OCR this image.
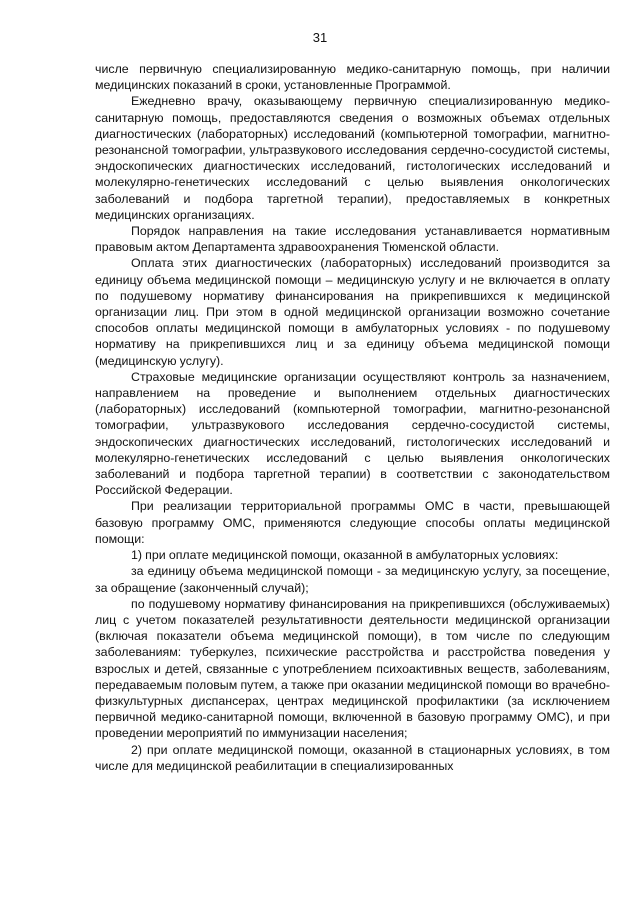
31

числе первичную специализированную медико-санитарную помощь, при наличии медицинских показаний в сроки, установленные Программой.

Ежедневно врачу, оказывающему первичную специализированную медико-санитарную помощь, предоставляются сведения о возможных объемах отдельных диагностических (лабораторных) исследований (компьютерной томографии, магнитно-резонансной томографии, ультразвукового исследования сердечно-сосудистой системы, эндоскопических диагностических исследований, гистологических исследований и молекулярно-генетических исследований с целью выявления онкологических заболеваний и подбора таргетной терапии), предоставляемых в конкретных медицинских организациях.

Порядок направления на такие исследования устанавливается нормативным правовым актом Департамента здравоохранения Тюменской области.

Оплата этих диагностических (лабораторных) исследований производится за единицу объема медицинской помощи – медицинскую услугу и не включается в оплату по подушевому нормативу финансирования на прикрепившихся к медицинской организации лиц. При этом в одной медицинской организации возможно сочетание способов оплаты медицинской помощи в амбулаторных условиях - по подушевому нормативу на прикрепившихся лиц и за единицу объема медицинской помощи (медицинскую услугу).

Страховые медицинские организации осуществляют контроль за назначением, направлением на проведение и выполнением отдельных диагностических (лабораторных) исследований (компьютерной томографии, магнитно-резонансной томографии, ультразвукового исследования сердечно-сосудистой системы, эндоскопических диагностических исследований, гистологических исследований и молекулярно-генетических исследований с целью выявления онкологических заболеваний и подбора таргетной терапии) в соответствии с законодательством Российской Федерации.

При реализации территориальной программы ОМС в части, превышающей базовую программу ОМС, применяются следующие способы оплаты медицинской помощи:

1) при оплате медицинской помощи, оказанной в амбулаторных условиях:

за единицу объема медицинской помощи - за медицинскую услугу, за посещение, за обращение (законченный случай);

по подушевому нормативу финансирования на прикрепившихся (обслуживаемых) лиц с учетом показателей результативности деятельности медицинской организации (включая показатели объема медицинской помощи), в том числе по следующим заболеваниям: туберкулез, психические расстройства и расстройства поведения у взрослых и детей, связанные с употреблением психоактивных веществ, заболеваниям, передаваемым половым путем, а также при оказании медицинской помощи во врачебно-физкультурных диспансерах, центрах медицинской профилактики (за исключением первичной медико-санитарной помощи, включенной в базовую программу ОМС), и при проведении мероприятий по иммунизации населения;

2) при оплате медицинской помощи, оказанной в стационарных условиях, в том числе для медицинской реабилитации в специализированных
